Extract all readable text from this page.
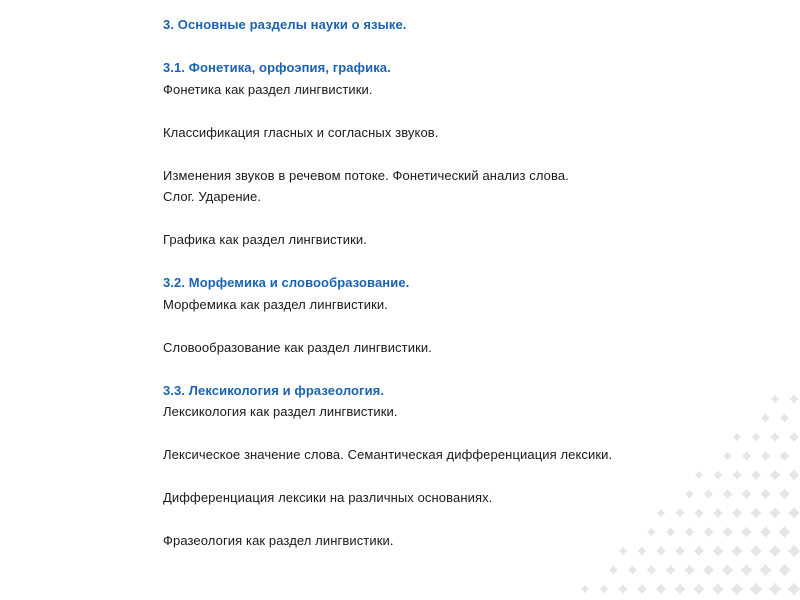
3. Основные разделы науки о языке.
3.1. Фонетика, орфоэпия, графика.
Фонетика как раздел лингвистики.
Классификация гласных и согласных звуков.
Изменения звуков в речевом потоке. Фонетический анализ слова.
Слог. Ударение.
Графика как раздел лингвистики.
3.2. Морфемика и словообразование.
Морфемика как раздел лингвистики.
Словообразование как раздел лингвистики.
3.3. Лексикология и фразеология.
Лексикология как раздел лингвистики.
Лексическое значение слова. Семантическая дифференциация лексики.
Дифференциация лексики на различных основаниях.
Фразеология как раздел лингвистики.
